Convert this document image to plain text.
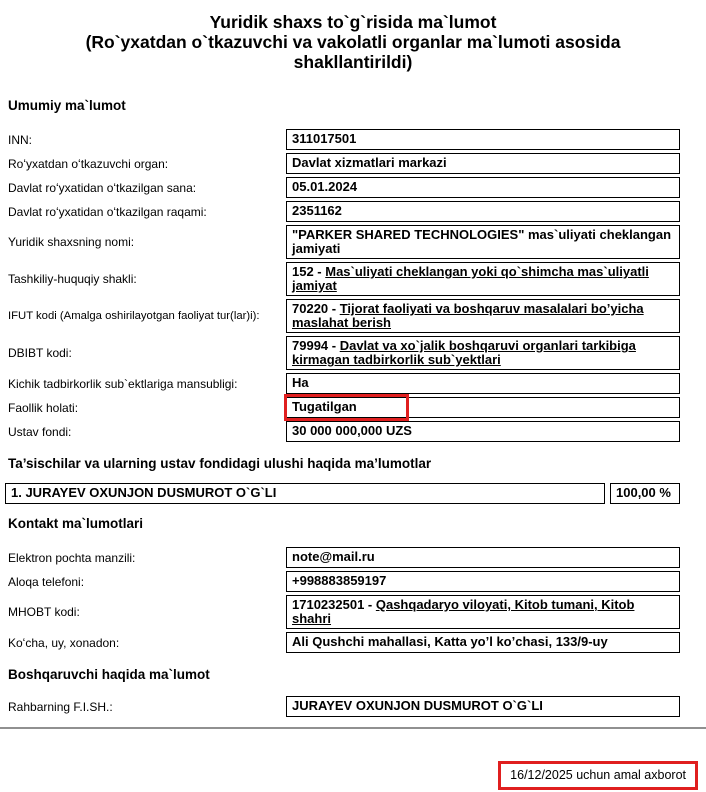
Yuridik shaxs to`g`risida ma`lumot
(Ro`yxatdan o`tkazuvchi va vakolatli organlar ma`lumoti asosida
shakllantirildi)
Umumiy ma`lumot
INN:	311017501
Roʻyxatdan oʻtkazuvchi organ:	Davlat xizmatlari markazi
Davlat roʻyxatidan oʻtkazilgan sana:	05.01.2024
Davlat roʻyxatidan oʻtkazilgan raqami:	2351162
Yuridik shaxsning nomi:	"PARKER SHARED TECHNOLOGIES" mas`uliyati cheklangan jamiyati
Tashkiliy-huquqiy shakli:	152 - Mas`uliyati cheklangan yoki qo`shimcha mas`uliyatli jamiyat
IFUT kodi (Amalga oshirilayotgan faoliyat tur(lar)i):	70220 - Tijorat faoliyati va boshqaruv masalalari bo’yicha maslahat berish
DBIBT kodi:	79994 - Davlat va xo`jalik boshqaruvi organlari tarkibiga kirmagan tadbirkorlik sub`yektlari
Kichik tadbirkorlik sub`ektlariga mansubligi:	Ha
Faollik holati:	Tugatilgan
Ustav fondi:	30 000 000,000 UZS
Ta’sischilar va ularning ustav fondidagi ulushi haqida ma’lumotlar
1. JURAYEV OXUNJON DUSMUROT O`G`LI	100,00 %
Kontakt ma`lumotlari
Elektron pochta manzili:	note@mail.ru
Aloqa telefoni:	+998883859197
MHOBT kodi:	1710232501 - Qashqadaryo viloyati, Kitob tumani, Kitob shahri
Koʻcha, uy, xonadon:	Ali Qushchi mahallasi, Katta yo’l ko’chasi, 133/9-uy
Boshqaruvchi haqida ma`lumot
Rahbarning F.I.SH.:	JURAYEV OXUNJON DUSMUROT O`G`LI
16/12/2025 uchun amal axborot
